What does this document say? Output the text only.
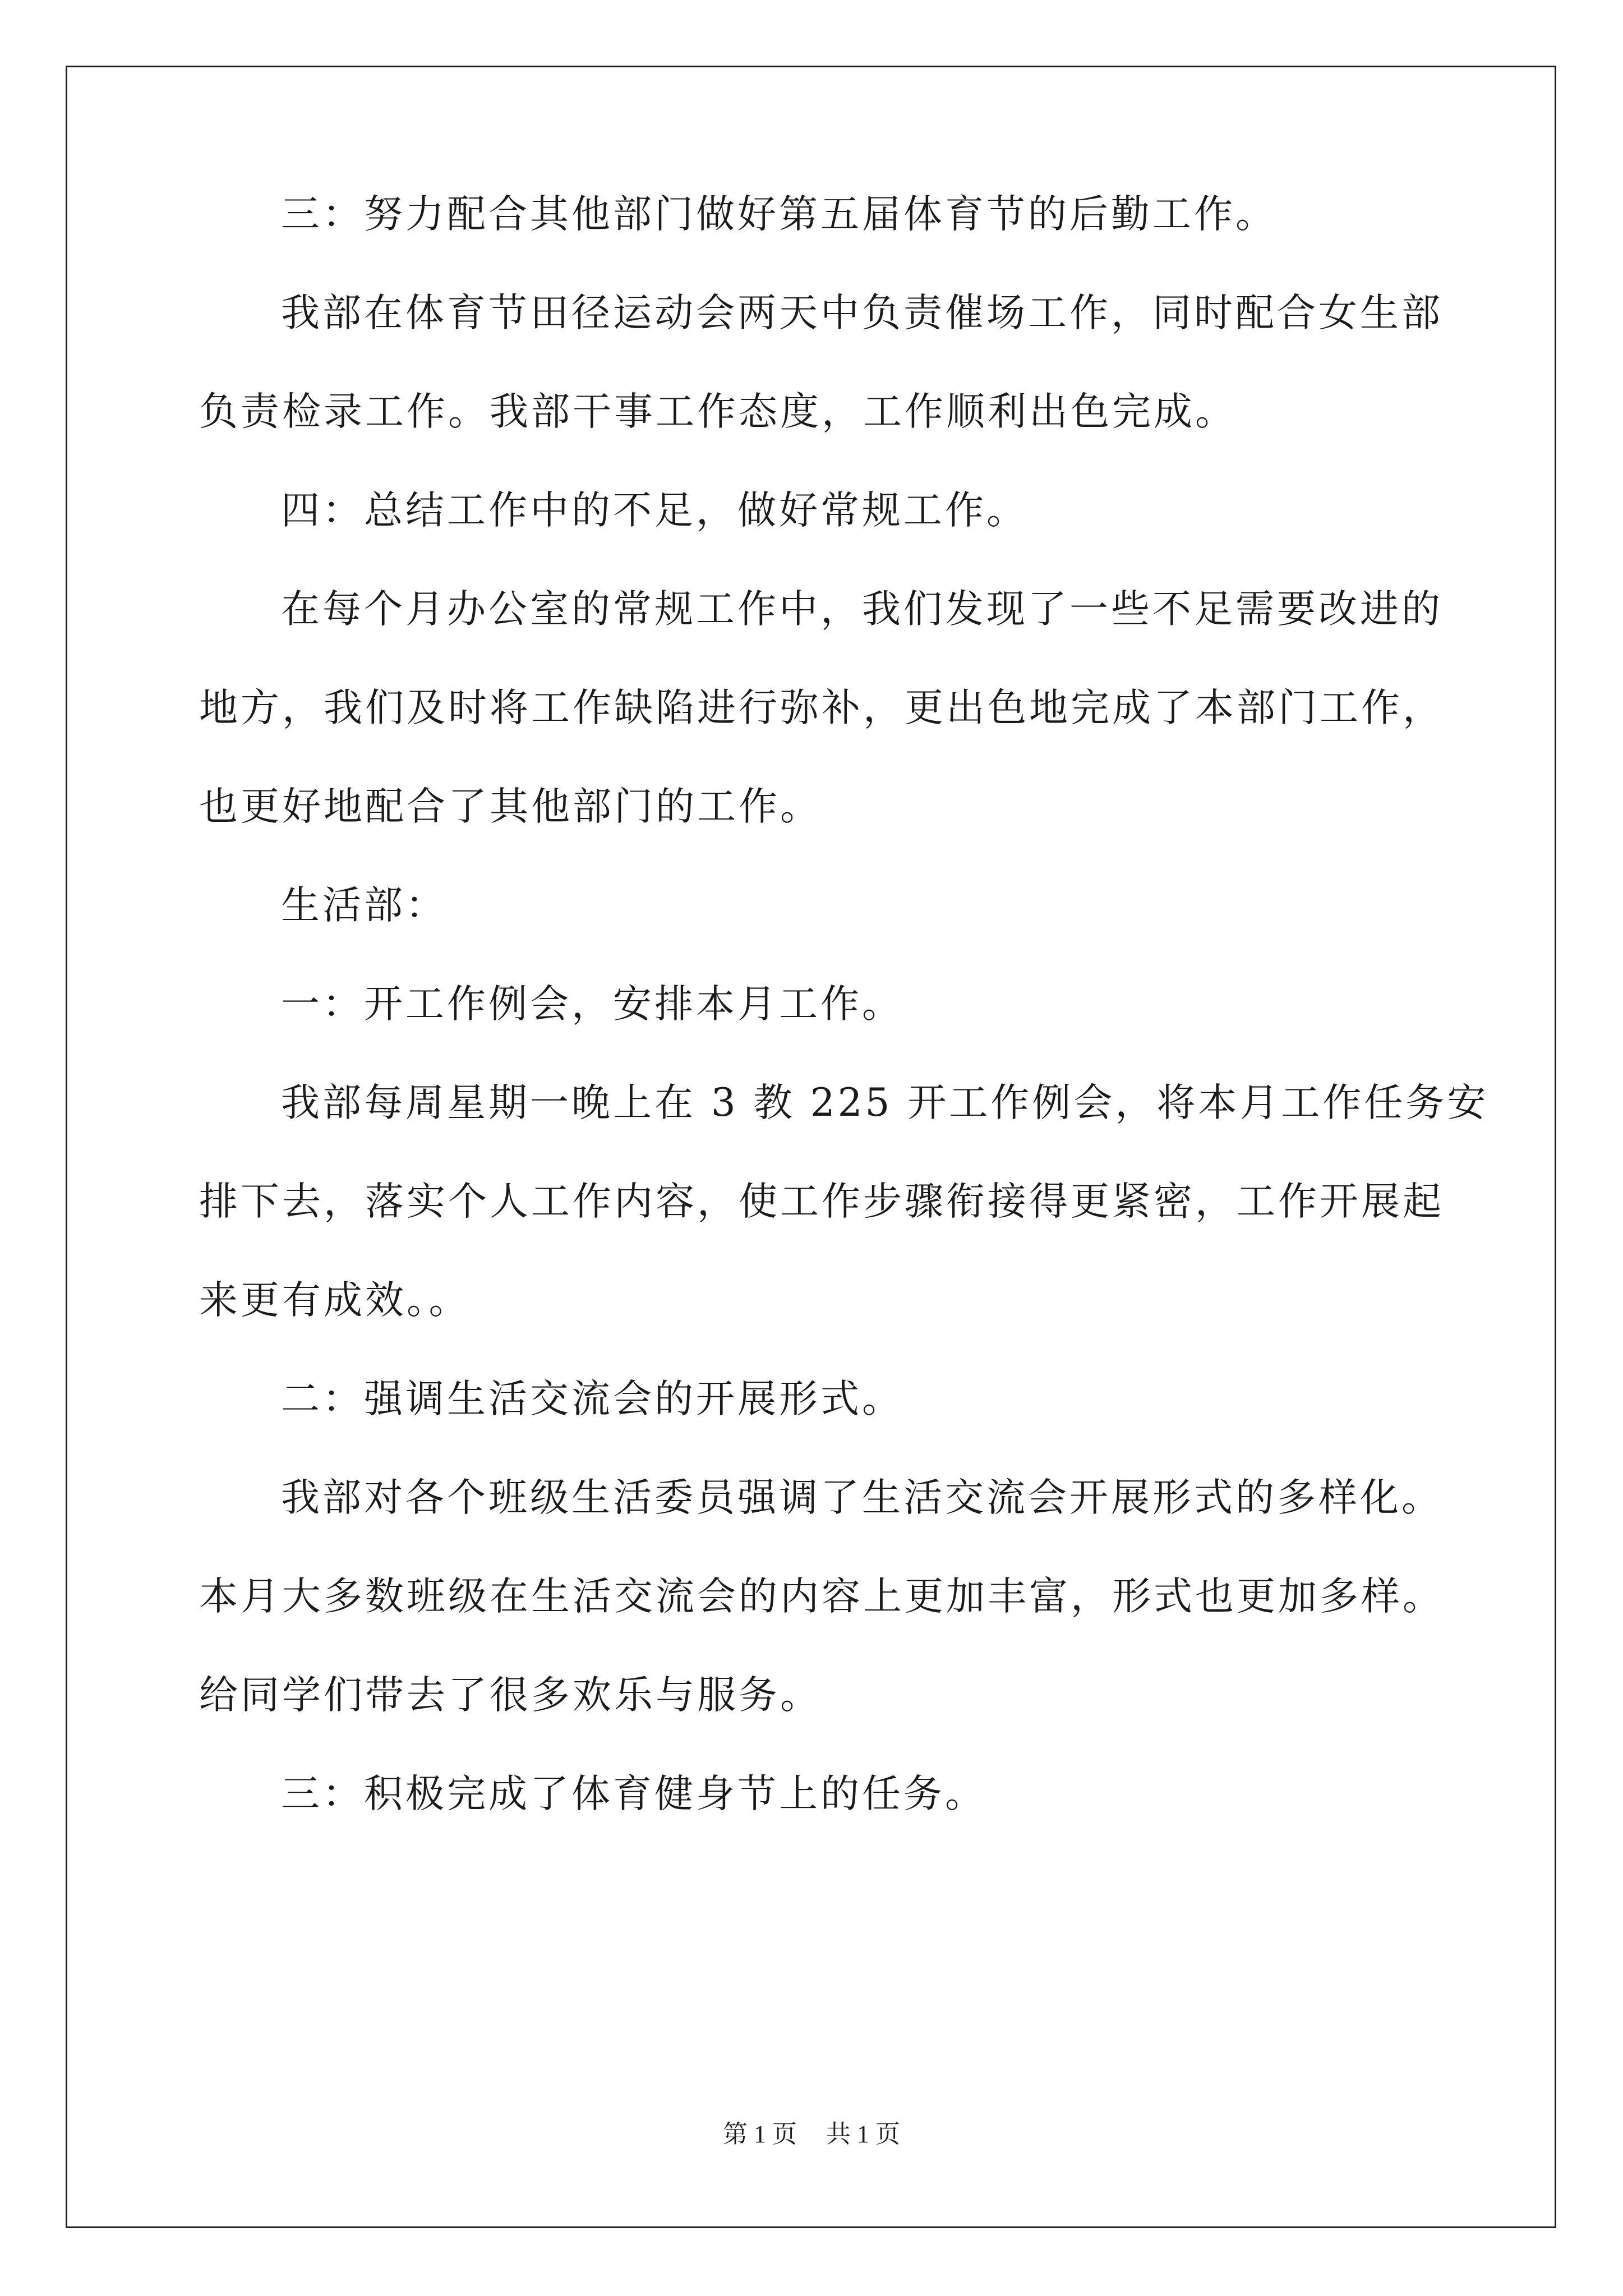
三：努力配合其他部门做好第五届体育节的后勤工作。
我部在体育节田径运动会两天中负责催场工作，同时配合女生部
负责检录工作。我部干事工作态度，工作顺利出色完成。
四：总结工作中的不足，做好常规工作。
在每个月办公室的常规工作中，我们发现了一些不足需要改进的
地方，我们及时将工作缺陷进行弥补，更出色地完成了本部门工作，
也更好地配合了其他部门的工作。
生活部：
一：开工作例会，安排本月工作。
我部每周星期一晚上在 3 教 225 开工作例会，将本月工作任务安
排下去，落实个人工作内容，使工作步骤衔接得更紧密，工作开展起
来更有成效。。
二：强调生活交流会的开展形式。
我部对各个班级生活委员强调了生活交流会开展形式的多样化。
本月大多数班级在生活交流会的内容上更加丰富，形式也更加多样。
给同学们带去了很多欢乐与服务。
三：积极完成了体育健身节上的任务。
第 1 页 共 1 页
